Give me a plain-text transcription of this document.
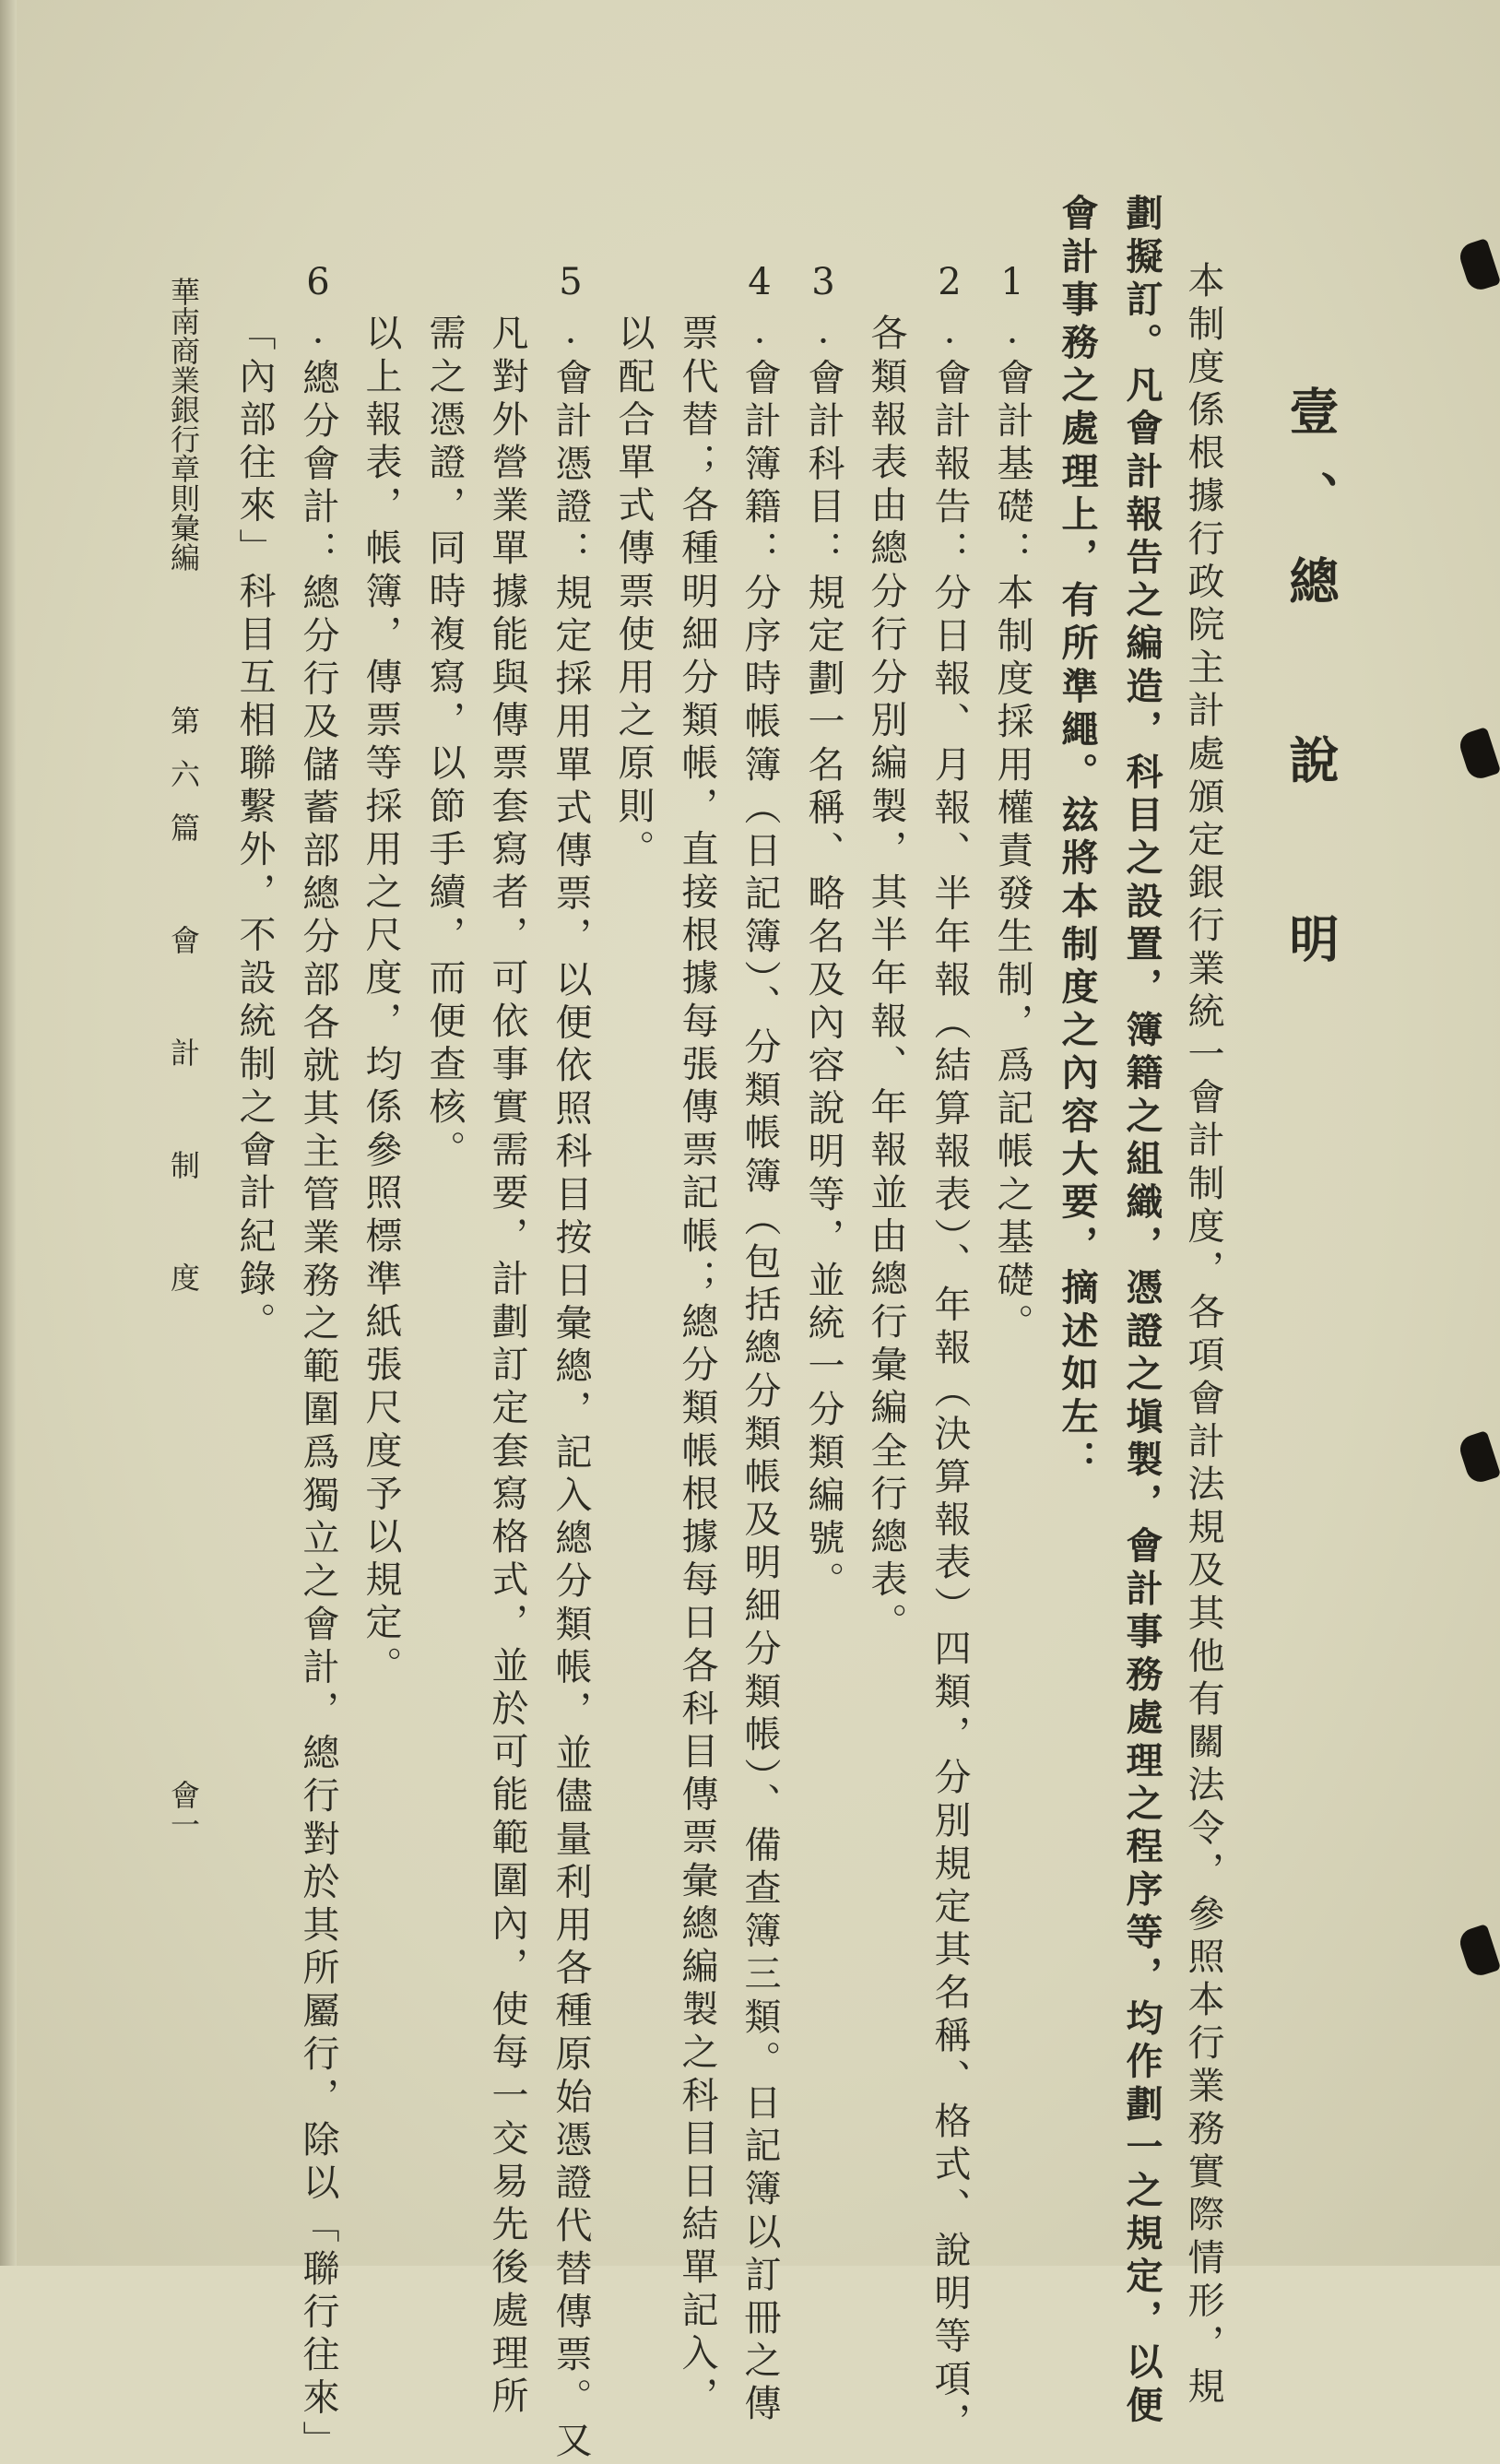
壹、總 說 明
本制度係根據行政院主計處頒定銀行業統一會計制度，各項會計法規及其他有關法令，參照本行業務實際情形，規
劃擬訂。凡會計報告之編造，科目之設置，簿籍之組織，憑證之塡製，會計事務處理之程序等，均作劃一之規定，以便
會計事務之處理上，有所準繩。玆將本制度之內容大要，摘述如左：
1.會計基礎：本制度採用權責發生制，爲記帳之基礎。
2.會計報告：分日報、月報、半年報（結算報表）、年報（決算報表）四類，分別規定其名稱、格式、說明等項，
各類報表由總分行分別編製，其半年報、年報並由總行彙編全行總表。
3.會計科目：規定劃一名稱、略名及內容說明等，並統一分類編號。
4.會計簿籍：分序時帳簿（日記簿）、分類帳簿（包括總分類帳及明細分類帳）、備查簿三類。日記簿以訂冊之傳
票代替；各種明細分類帳，直接根據每張傳票記帳；總分類帳根據每日各科目傳票彙總編製之科目日結單記入，
以配合單式傳票使用之原則。
5.會計憑證：規定採用單式傳票，以便依照科目按日彙總，記入總分類帳，並儘量利用各種原始憑證代替傳票。又
凡對外營業單據能與傳票套寫者，可依事實需要，計劃訂定套寫格式，並於可能範圍內，使每一交易先後處理所
需之憑證，同時複寫，以節手續，而便查核。
以上報表，帳簿，傳票等採用之尺度，均係參照標準紙張尺度予以規定。
6.總分會計：總分行及儲蓄部總分部各就其主管業務之範圍爲獨立之會計，總行對於其所屬行，除以「聯行往來」
「內部往來」科目互相聯繫外，不設統制之會計紀錄。
華南商業銀行章則彙編
第六篇 會 計 制 度
會一
